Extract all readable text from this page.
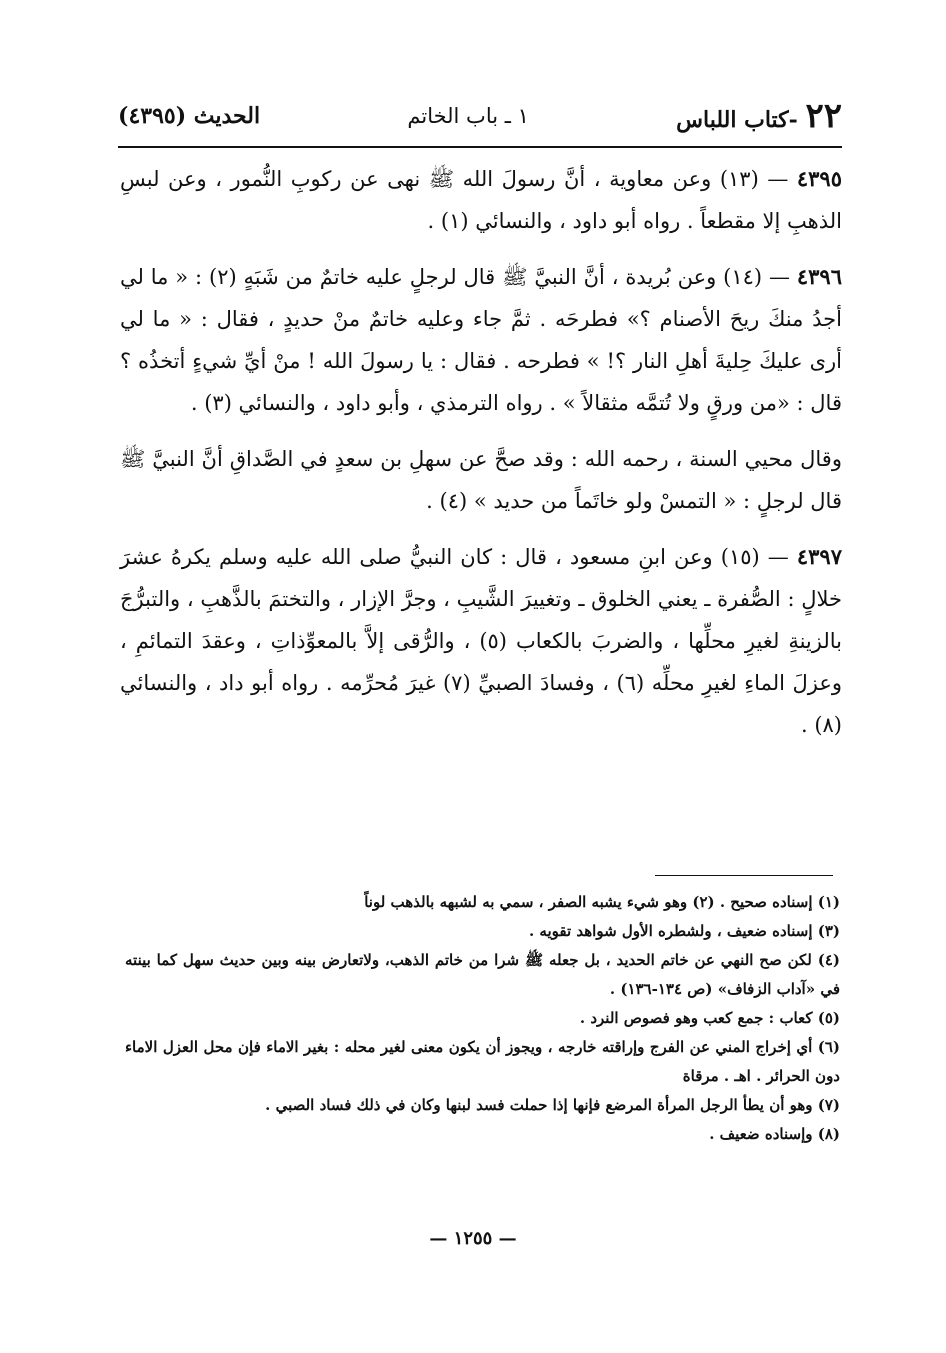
٢٢ -كتاب اللباس
١ ـ باب الخاتم
الحديث (٤٣٩٥)

٤٣٩٥ — (١٣) وعن معاوية ، أنَّ رسولَ الله ﷺ نهى عن ركوبِ النُّمور ، وعن لبسِ الذهبِ إلا مقطعاً . رواه أبو داود ، والنسائي (١) .

٤٣٩٦ — (١٤) وعن بُريدة ، أنَّ النبيَّ ﷺ قال لرجلٍ عليه خاتمٌ من شَبَهٍ (٢) : « ما لي أجدُ منكَ ريحَ الأصنام ؟» فطرحَه . ثمَّ جاء وعليه خاتمٌ منْ حديدٍ ، فقال : « ما لي أرى عليكَ حِليةَ أهلِ النار ؟! » فطرحه . فقال : يا رسولَ الله ! منْ أيِّ شيءٍ أتخذُه ؟ قال : «من ورقٍ ولا تُتمَّه مثقالاً » . رواه الترمذي ، وأبو داود ، والنسائي (٣) .

وقال محيي السنة ، رحمه الله : وقد صحَّ عن سهلِ بن سعدٍ في الصَّداقِ أنَّ النبيَّ ﷺ قال لرجلٍ : « التمسْ ولو خاتَماً من حديد » (٤) .

٤٣٩٧ — (١٥) وعن ابنِ مسعود ، قال : كان النبيُّ صلى الله عليه وسلم يكرهُ عشرَ خلالٍ : الصُّفرة ـ يعني الخلوق ـ وتغييرَ الشَّيبِ ، وجرَّ الإزار ، والتختمَ بالذَّهبِ ، والتبرُّجَ بالزينةِ لغيرِ محلِّها ، والضربَ بالكعاب (٥) ، والرُّقى إلاَّ بالمعوِّذاتِ ، وعقدَ التمائمِ ، وعزلَ الماءِ لغيرِ محلِّه (٦) ، وفسادَ الصبيِّ (٧) غيرَ مُحرِّمه . رواه أبو داد ، والنسائي (٨) .

(١) إسناده صحيح . (٢) وهو شيء يشبه الصفر ، سمي به لشبهه بالذهب لوناً

(٣) إسناده ضعيف ، ولشطره الأول شواهد تقويه .

(٤) لكن صح النهي عن خاتم الحديد ، بل جعله ﷺ شرا من خاتم الذهب، ولاتعارض بينه وبين حديث سهل كما بينته في «آداب الزفاف» (ص ١٣٤-١٣٦) .

(٥) كعاب : جمع كعب وهو فصوص النرد .

(٦) أي إخراج المني عن الفرج وإراقته خارجه ، ويجوز أن يكون معنى لغير محله : بغير الاماء فإن محل العزل الاماء دون الحرائر . اهـ . مرقاة

(٧) وهو أن يطأ الرجل المرأة المرضع فإنها إذا حملت فسد لبنها وكان في ذلك فساد الصبي .

(٨) وإسناده ضعيف .

— ١٢٥٥ —
